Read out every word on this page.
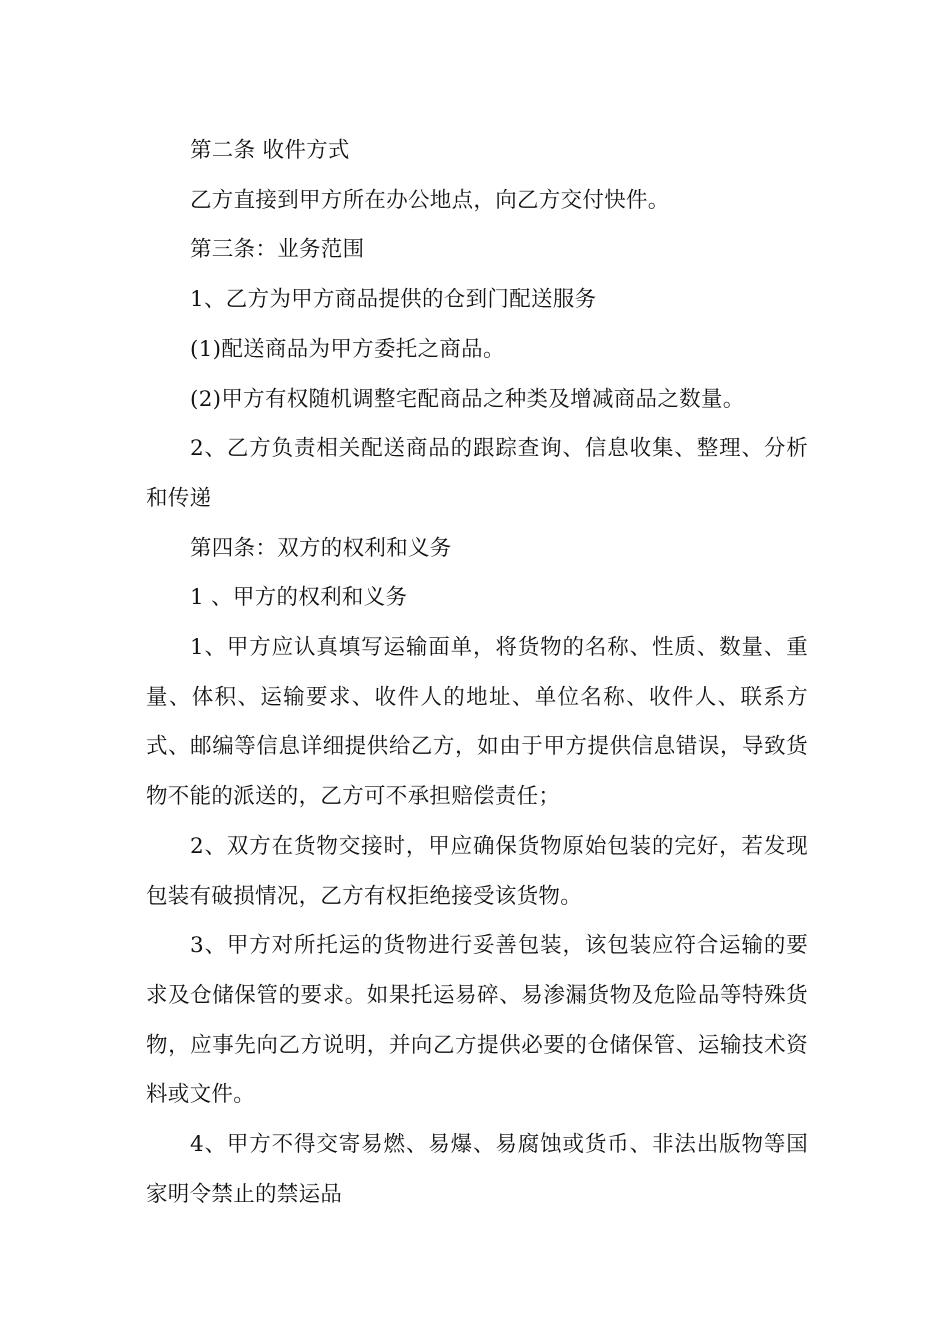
第二条 收件方式

乙方直接到甲方所在办公地点，向乙方交付快件。

第三条：业务范围

1、乙方为甲方商品提供的仓到门配送服务

(1)配送商品为甲方委托之商品。

(2)甲方有权随机调整宅配商品之种类及增减商品之数量。

2、乙方负责相关配送商品的跟踪查询、信息收集、整理、分析和传递

第四条：双方的权利和义务

1 、甲方的权利和义务

1、甲方应认真填写运输面单，将货物的名称、性质、数量、重量、体积、运输要求、收件人的地址、单位名称、收件人、联系方式、邮编等信息详细提供给乙方，如由于甲方提供信息错误，导致货物不能的派送的，乙方可不承担赔偿责任；

2、双方在货物交接时，甲应确保货物原始包装的完好，若发现包装有破损情况，乙方有权拒绝接受该货物。

3、甲方对所托运的货物进行妥善包装，该包装应符合运输的要求及仓储保管的要求。如果托运易碎、易渗漏货物及危险品等特殊货物，应事先向乙方说明，并向乙方提供必要的仓储保管、运输技术资料或文件。

4、甲方不得交寄易燃、易爆、易腐蚀或货币、非法出版物等国家明令禁止的禁运品
